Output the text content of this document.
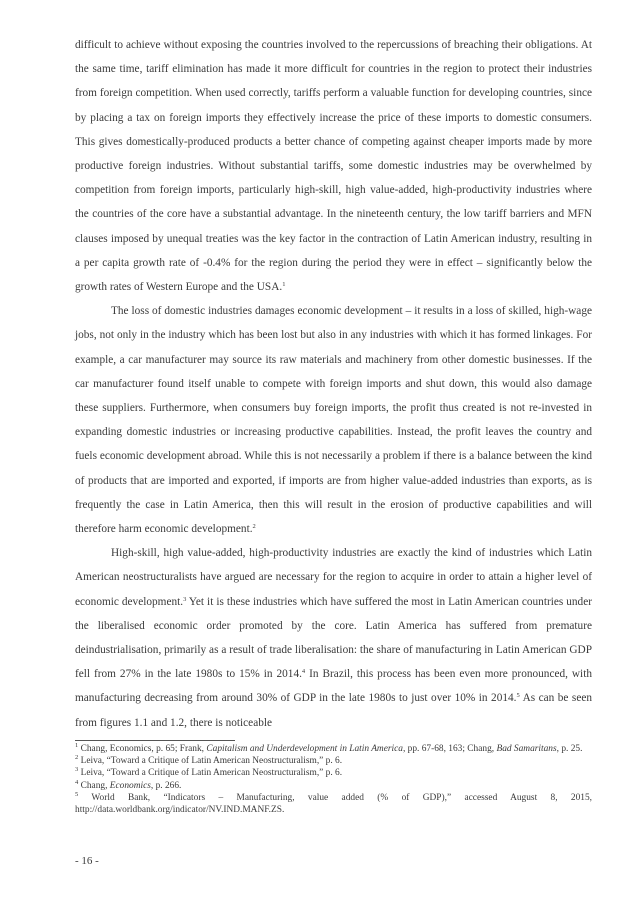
difficult to achieve without exposing the countries involved to the repercussions of breaching their obligations. At the same time, tariff elimination has made it more difficult for countries in the region to protect their industries from foreign competition. When used correctly, tariffs perform a valuable function for developing countries, since by placing a tax on foreign imports they effectively increase the price of these imports to domestic consumers. This gives domestically-produced products a better chance of competing against cheaper imports made by more productive foreign industries. Without substantial tariffs, some domestic industries may be overwhelmed by competition from foreign imports, particularly high-skill, high value-added, high-productivity industries where the countries of the core have a substantial advantage. In the nineteenth century, the low tariff barriers and MFN clauses imposed by unequal treaties was the key factor in the contraction of Latin American industry, resulting in a per capita growth rate of -0.4% for the region during the period they were in effect – significantly below the growth rates of Western Europe and the USA.$^1$

The loss of domestic industries damages economic development – it results in a loss of skilled, high-wage jobs, not only in the industry which has been lost but also in any industries with which it has formed linkages. For example, a car manufacturer may source its raw materials and machinery from other domestic businesses. If the car manufacturer found itself unable to compete with foreign imports and shut down, this would also damage these suppliers. Furthermore, when consumers buy foreign imports, the profit thus created is not re-invested in expanding domestic industries or increasing productive capabilities. Instead, the profit leaves the country and fuels economic development abroad. While this is not necessarily a problem if there is a balance between the kind of products that are imported and exported, if imports are from higher value-added industries than exports, as is frequently the case in Latin America, then this will result in the erosion of productive capabilities and will therefore harm economic development.$^2$

High-skill, high value-added, high-productivity industries are exactly the kind of industries which Latin American neostructuralists have argued are necessary for the region to acquire in order to attain a higher level of economic development.$^3$ Yet it is these industries which have suffered the most in Latin American countries under the liberalised economic order promoted by the core. Latin America has suffered from premature deindustrialisation, primarily as a result of trade liberalisation: the share of manufacturing in Latin American GDP fell from 27% in the late 1980s to 15% in 2014.$^4$ In Brazil, this process has been even more pronounced, with manufacturing decreasing from around 30% of GDP in the late 1980s to just over 10% in 2014.$^5$ As can be seen from figures 1.1 and 1.2, there is noticeable

$^1$ Chang, Economics, p. 65; Frank, Capitalism and Underdevelopment in Latin America, pp. 67-68, 163; Chang, Bad Samaritans, p. 25.
$^2$ Leiva, “Toward a Critique of Latin American Neostructuralism,” p. 6.
$^3$ Leiva, “Toward a Critique of Latin American Neostructuralism,” p. 6.
$^4$ Chang, Economics, p. 266.
$^5$ World Bank, “Indicators – Manufacturing, value added (% of GDP),” accessed August 8, 2015, http://data.worldbank.org/indicator/NV.IND.MANF.ZS.
- 16 -
